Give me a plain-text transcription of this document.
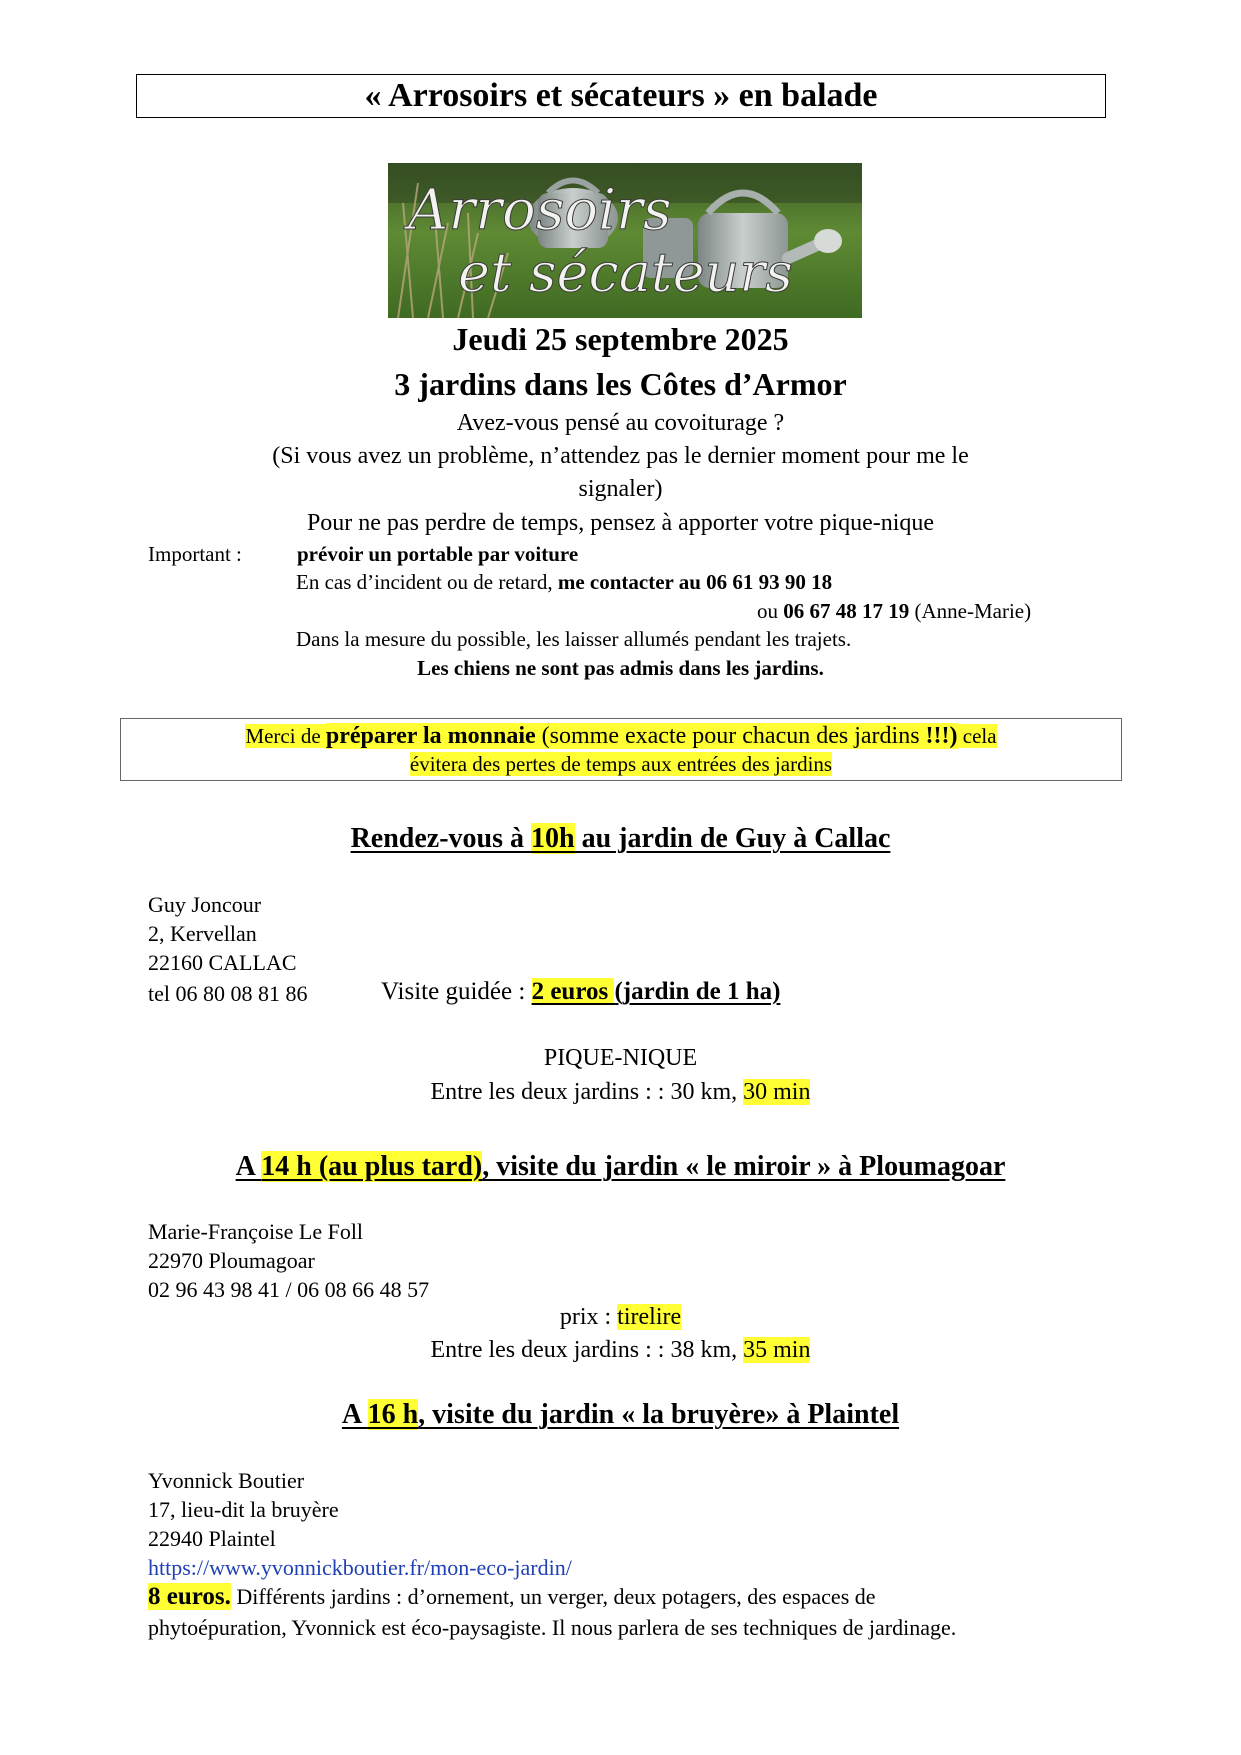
« Arrosoirs et sécateurs » en balade
Arrosoirs
et sécateurs
Jeudi 25 septembre 2025
3 jardins dans les Côtes d’Armor
Avez-vous pensé au covoiturage ?
(Si vous avez un problème, n’attendez pas le dernier moment pour me le
signaler)
Pour ne pas perdre de temps, pensez à apporter votre pique-nique
Important :	prévoir un portable par voiture
En cas d’incident ou de retard, me contacter au 06 61 93 90 18
ou 06 67 48 17 19 (Anne-Marie)
Dans la mesure du possible, les laisser allumés pendant les trajets.
Les chiens ne sont pas admis dans les jardins.
Merci de préparer la monnaie (somme exacte pour chacun des jardins !!!) cela
évitera des pertes de temps aux entrées des jardins
Rendez-vous à 10h au jardin de Guy à Callac
Guy Joncour
2, Kervellan
22160 CALLAC
tel 06 80 08 81 86	Visite guidée : 2 euros (jardin de 1 ha)
PIQUE-NIQUE
Entre les deux jardins : : 30 km, 30 min
A 14 h (au plus tard), visite du jardin « le miroir » à Ploumagoar
Marie-Françoise Le Foll
22970 Ploumagoar
02 96 43 98 41 / 06 08 66 48 57
prix : tirelire
Entre les deux jardins : : 38 km, 35 min
A 16 h, visite du jardin « la bruyère» à Plaintel
Yvonnick Boutier
17, lieu-dit la bruyère
22940 Plaintel
https://www.yvonnickboutier.fr/mon-eco-jardin/
8 euros. Différents jardins : d’ornement, un verger, deux potagers, des espaces de
phytoépuration, Yvonnick est éco-paysagiste. Il nous parlera de ses techniques de jardinage.
